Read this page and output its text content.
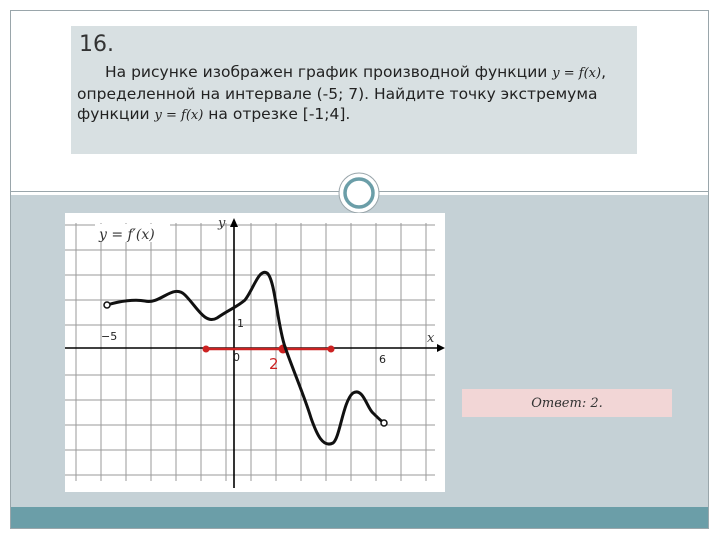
16.
На рисунке изображен график производной функции y = f(x), определенной на интервале (-5; 7). Найдите точку экстремума функции y = f(x) на отрезке [-1;4].
y = f′(x)
y
x
−5
0
1
6
2
Ответ: 2.
